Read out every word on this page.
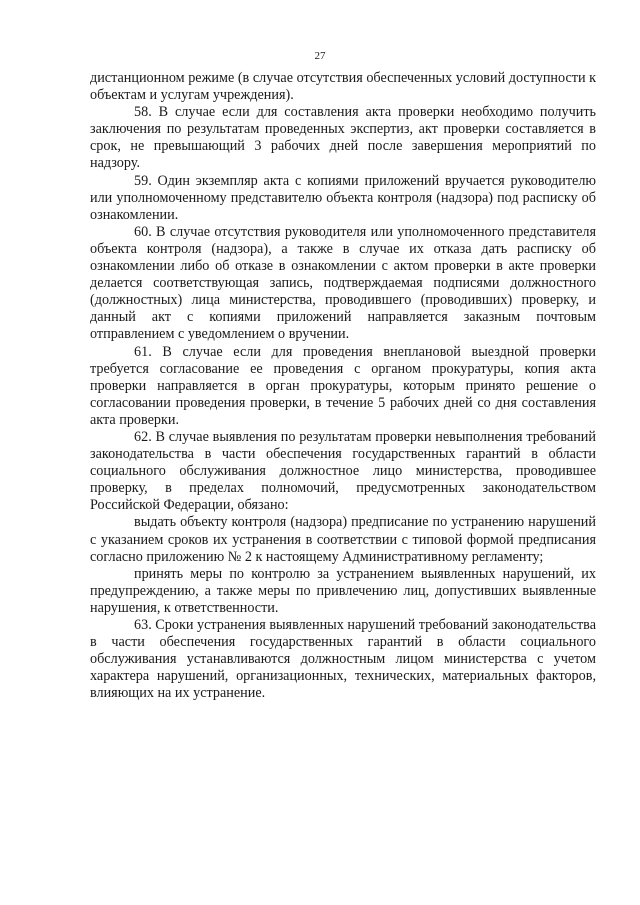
27

дистанционном режиме (в случае отсутствия обеспеченных условий доступности к объектам и услугам учреждения).

58. В случае если для составления акта проверки необходимо получить заключения по результатам проведенных экспертиз, акт проверки составляется в срок, не превышающий 3 рабочих дней после завершения мероприятий по надзору.

59. Один экземпляр акта с копиями приложений вручается руководителю или уполномоченному представителю объекта контроля (надзора) под расписку об ознакомлении.

60. В случае отсутствия руководителя или уполномоченного представителя объекта контроля (надзора), а также в случае их отказа дать расписку об ознакомлении либо об отказе в ознакомлении с актом проверки в акте проверки делается соответствующая запись, подтверждаемая подписями должностного (должностных) лица министерства, проводившего (проводивших) проверку, и данный акт с копиями приложений направляется заказным почтовым отправлением с уведомлением о вручении.

61. В случае если для проведения внеплановой выездной проверки требуется согласование ее проведения с органом прокуратуры, копия акта проверки направляется в орган прокуратуры, которым принято решение о согласовании проведения проверки, в течение 5 рабочих дней со дня составления акта проверки.

62. В случае выявления по результатам проверки невыполнения требований законодательства в части обеспечения государственных гарантий в области социального обслуживания должностное лицо министерства, проводившее проверку, в пределах полномочий, предусмотренных законодательством Российской Федерации, обязано:

выдать объекту контроля (надзора) предписание по устранению нарушений с указанием сроков их устранения в соответствии с типовой формой предписания согласно приложению № 2 к настоящему Административному регламенту;

принять меры по контролю за устранением выявленных нарушений, их предупреждению, а также меры по привлечению лиц, допустивших выявленные нарушения, к ответственности.

63. Сроки устранения выявленных нарушений требований законодательства в части обеспечения государственных гарантий в области социального обслуживания устанавливаются должностным лицом министерства с учетом характера нарушений, организационных, технических, материальных факторов, влияющих на их устранение.
